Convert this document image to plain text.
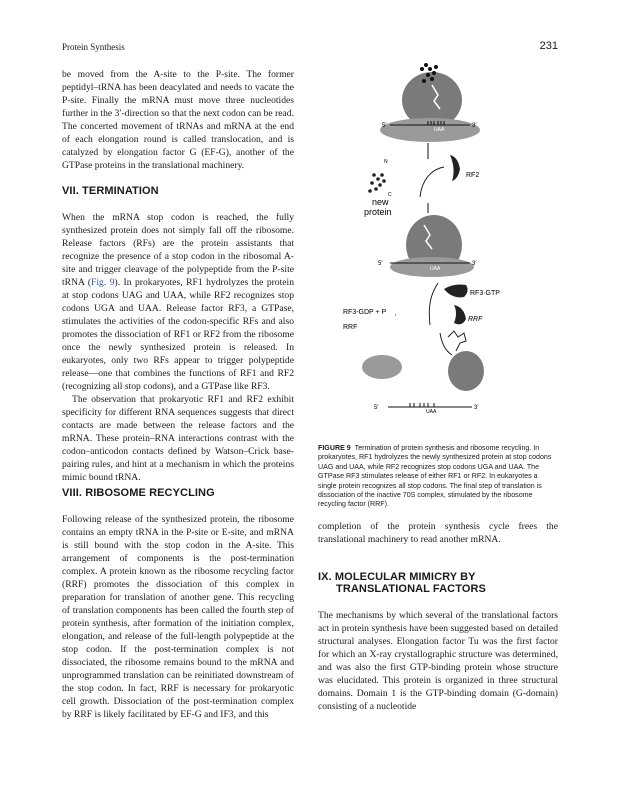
Protein Synthesis	231

be moved from the A-site to the P-site. The former peptidyl–tRNA has been deacylated and needs to vacate the P-site. Finally the mRNA must move three nucleotides further in the 3′-direction so that the next codon can be read. The concerted movement of tRNAs and mRNA at the end of each elongation round is called translocation, and is catalyzed by elongation factor G (EF-G), another of the GTPase proteins in the translational machinery.

VII. TERMINATION

When the mRNA stop codon is reached, the fully synthesized protein does not simply fall off the ribosome. Release factors (RFs) are the protein assistants that recognize the presence of a stop codon in the ribosomal A-site and trigger cleavage of the polypeptide from the P-site tRNA (Fig. 9). In prokaryotes, RF1 hydrolyzes the protein at stop codons UAG and UAA, while RF2 recognizes stop codons UGA and UAA. Release factor RF3, a GTPase, stimulates the activities of the codon-specific RFs and also promotes the dissociation of RF1 or RF2 from the ribosome once the newly synthesized protein is released. In eukaryotes, only two RFs appear to trigger polypeptide release—one that combines the functions of RF1 and RF2 (recognizing all stop codons), and a GTPase like RF3.

The observation that prokaryotic RF1 and RF2 exhibit specificity for different RNA sequences suggests that direct contacts are made between the release factors and the mRNA. These protein–RNA interactions contrast with the codon–anticodon contacts defined by Watson–Crick base-pairing rules, and hint at a mechanism in which the proteins mimic bound tRNA.

VIII. RIBOSOME RECYCLING

Following release of the synthesized protein, the ribosome contains an empty tRNA in the P-site or E-site, and mRNA is still bound with the stop codon in the A-site. This arrangement of components is the post-termination complex. A protein known as the ribosome recycling factor (RRF) promotes the dissociation of this complex in preparation for translation of another gene. This recycling of translation components has been called the fourth step of protein synthesis, after formation of the initiation complex, elongation, and release of the full-length polypeptide at the stop codon. If the post-termination complex is not dissociated, the ribosome remains bound to the mRNA and unprogrammed translation can be reinitiated downstream of the stop codon. In fact, RRF is necessary for prokaryotic cell growth. Dissociation of the post-termination complex by RRF is likely facilitated by EF-G and IF3, and this

5′	3′
UAA
N
C
new
protein
RF2
5′	3′
UAA
RF3·GTP
RRF
RF3-GDP + P i
RRF
5′	3′
UAA
FIGURE 9 Termination of protein synthesis and ribosome recycling. In prokaryotes, RF1 hydrolyzes the newly synthesized protein at stop codons UAG and UAA, while RF2 recognizes stop codons UGA and UAA. The GTPase RF3 stimulates release of either RF1 or RF2. In eukaryotes a single protein recognizes all stop codons. The final step of translation is dissociation of the inactive 70S complex, stimulated by the ribosome recycling factor (RRF).

completion of the protein synthesis cycle frees the translational machinery to read another mRNA.

IX. MOLECULAR MIMICRY BY
TRANSLATIONAL FACTORS

The mechanisms by which several of the translational factors act in protein synthesis have been suggested based on detailed structural analyses. Elongation factor Tu was the first factor for which an X-ray crystallographic structure was determined, and was also the first GTP-binding protein whose structure was elucidated. This protein is organized in three structural domains. Domain 1 is the GTP-binding domain (G-domain) consisting of a nucleotide
